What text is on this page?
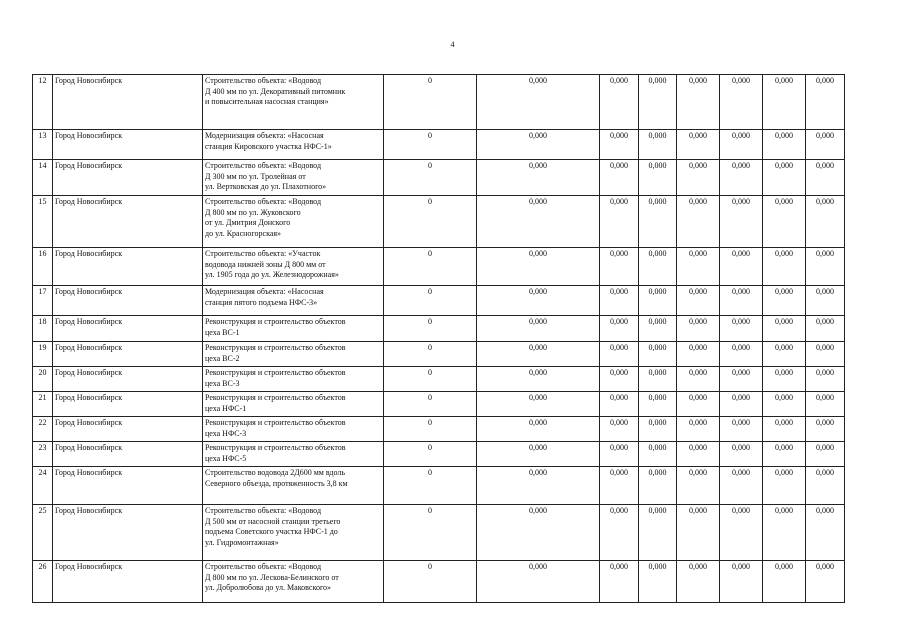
4
12	Город Новосибирск	Строительство объекта: «Водовод
Д 400 мм по ул. Декоративный питомник
и повысительная насосная станция»	0	0,000	0,000	0,000	0,000	0,000	0,000	0,000
13	Город Новосибирск	Модернизация объекта: «Насосная
станция Кировского участка НФС-1»	0	0,000	0,000	0,000	0,000	0,000	0,000	0,000
14	Город Новосибирск	Строительство объекта: «Водовод
Д 300 мм по ул. Тролейная от
ул. Вертковская до ул. Плахотного»	0	0,000	0,000	0,000	0,000	0,000	0,000	0,000
15	Город Новосибирск	Строительство объекта: «Водовод
Д 800 мм по ул. Жуковского
от ул. Дмитрия Донского
до ул. Красногорская»	0	0,000	0,000	0,000	0,000	0,000	0,000	0,000
16	Город Новосибирск	Строительство объекта: «Участок
водовода нижней зоны Д 800 мм от
ул. 1905 года до ул. Железнодорожная»	0	0,000	0,000	0,000	0,000	0,000	0,000	0,000
17	Город Новосибирск	Модернизация объекта: «Насосная
станция пятого подъема НФС-3»	0	0,000	0,000	0,000	0,000	0,000	0,000	0,000
18	Город Новосибирск	Реконструкция и строительство объектов
цеха ВС-1	0	0,000	0,000	0,000	0,000	0,000	0,000	0,000
19	Город Новосибирск	Реконструкция и строительство объектов
цеха ВС-2	0	0,000	0,000	0,000	0,000	0,000	0,000	0,000
20	Город Новосибирск	Реконструкция и строительство объектов
цеха ВС-3	0	0,000	0,000	0,000	0,000	0,000	0,000	0,000
21	Город Новосибирск	Реконструкция и строительство объектов
цеха НФС-1	0	0,000	0,000	0,000	0,000	0,000	0,000	0,000
22	Город Новосибирск	Реконструкция и строительство объектов
цеха НФС-3	0	0,000	0,000	0,000	0,000	0,000	0,000	0,000
23	Город Новосибирск	Реконструкция и строительство объектов
цеха НФС-5	0	0,000	0,000	0,000	0,000	0,000	0,000	0,000
24	Город Новосибирск	Строительство водовода 2Д600 мм вдоль
Северного объезда, протяженность 3,8 км	0	0,000	0,000	0,000	0,000	0,000	0,000	0,000
25	Город Новосибирск	Строительство объекта: «Водовод
Д 500 мм от насосной станции третьего
подъема Советского участка НФС-1 до
ул. Гидромонтажная»	0	0,000	0,000	0,000	0,000	0,000	0,000	0,000
26	Город Новосибирск	Строительство объекта: «Водовод
Д 800 мм по ул. Лескова-Белинского от
ул. Добролюбова до ул. Маковского»	0	0,000	0,000	0,000	0,000	0,000	0,000	0,000
